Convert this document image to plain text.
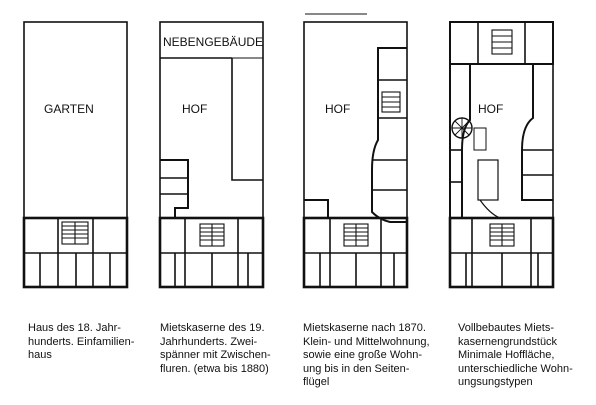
GARTEN
NEBENGEBÄUDE
HOF	HOF	HOF
Haus des 18. Jahr-
hunderts. Einfamilien-
haus
Mietskaserne des 19.
Jahrhunderts. Zwei-
spänner mit Zwischen-
fluren. (etwa bis 1880)
Mietskaserne nach 1870.
Klein- und Mittelwohnung,
sowie eine große Wohn-
ung bis in den Seiten-
flügel
Vollbebautes Miets-
kasernengrundstück
Minimale Hoffläche,
unterschiedliche Wohn-
ungsungstypen
